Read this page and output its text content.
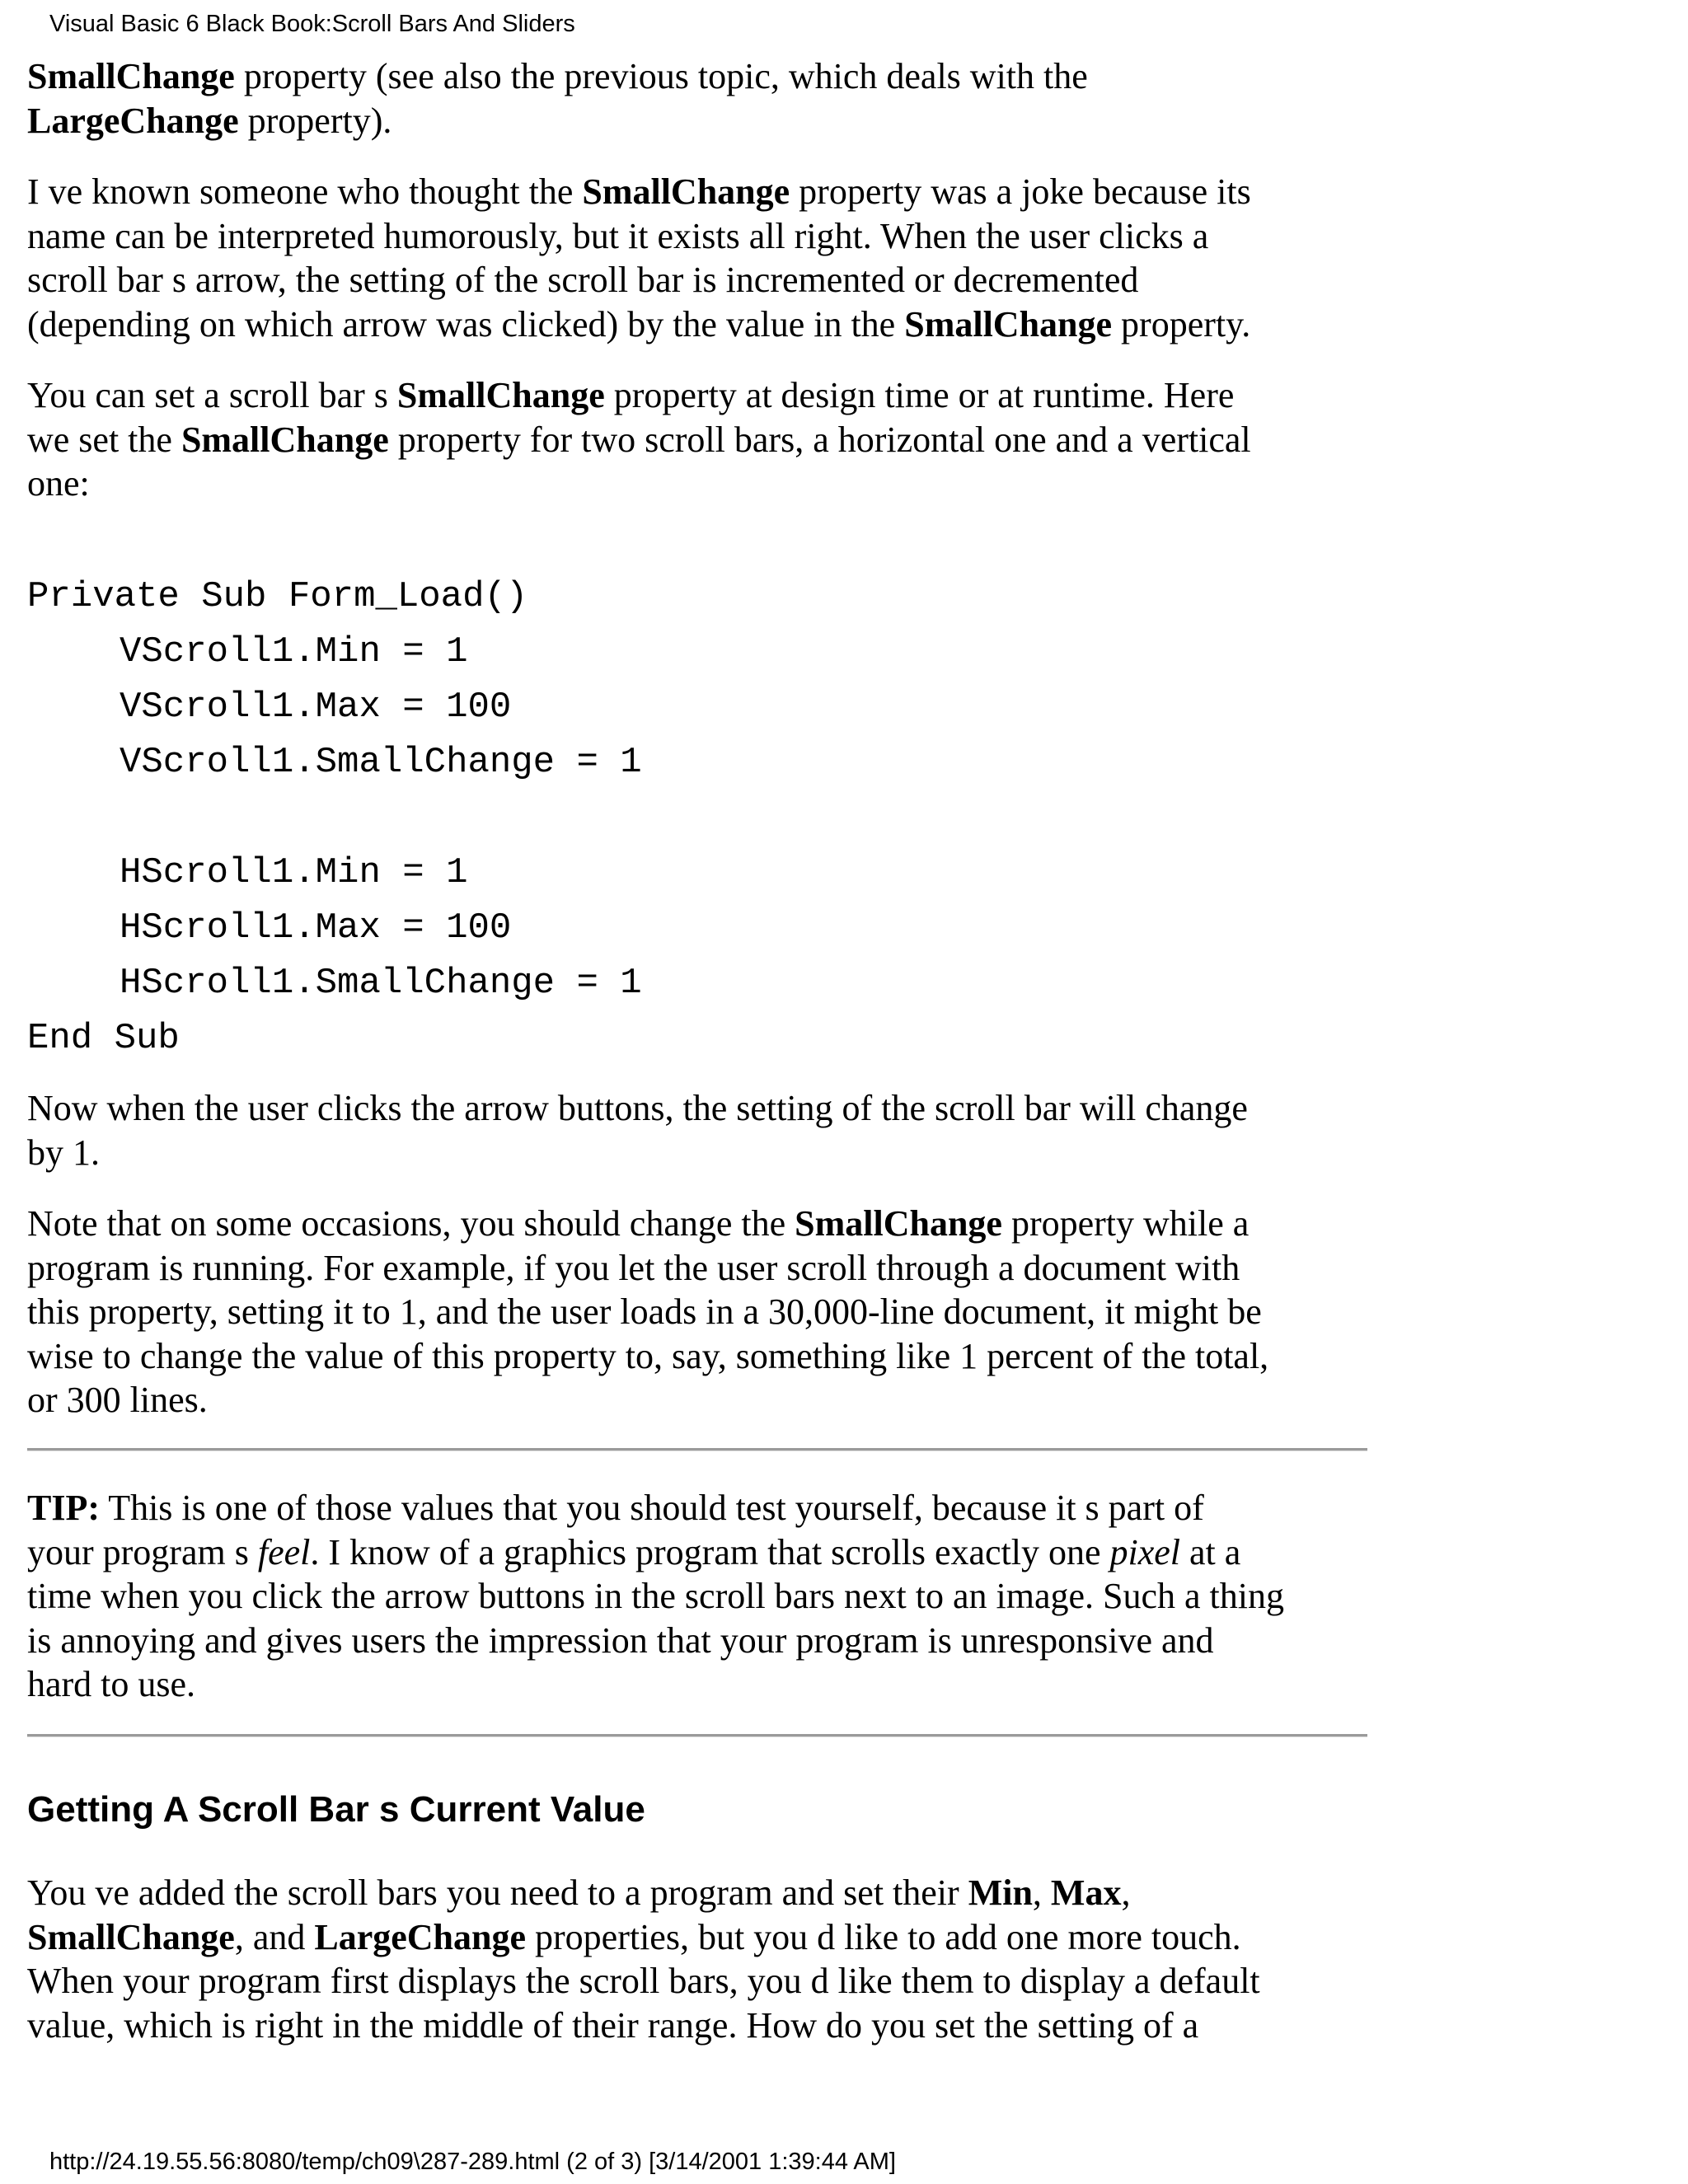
Visual Basic 6 Black Book:Scroll Bars And Sliders

SmallChange property (see also the previous topic, which deals with the
LargeChange property).

I ve known someone who thought the SmallChange property was a joke because its
name can be interpreted humorously, but it exists all right. When the user clicks a
scroll bar s arrow, the setting of the scroll bar is incremented or decremented
(depending on which arrow was clicked) by the value in the SmallChange property.

You can set a scroll bar s SmallChange property at design time or at runtime. Here
we set the SmallChange property for two scroll bars, a horizontal one and a vertical
one:

Private Sub Form_Load()
VScroll1.Min = 1
VScroll1.Max = 100
VScroll1.SmallChange = 1
HScroll1.Min = 1
HScroll1.Max = 100
HScroll1.SmallChange = 1
End Sub

Now when the user clicks the arrow buttons, the setting of the scroll bar will change
by 1.

Note that on some occasions, you should change the SmallChange property while a
program is running. For example, if you let the user scroll through a document with
this property, setting it to 1, and the user loads in a 30,000-line document, it might be
wise to change the value of this property to, say, something like 1 percent of the total,
or 300 lines.

TIP: This is one of those values that you should test yourself, because it s part of
your program s feel. I know of a graphics program that scrolls exactly one pixel at a
time when you click the arrow buttons in the scroll bars next to an image. Such a thing
is annoying and gives users the impression that your program is unresponsive and
hard to use.

Getting A Scroll Bar s Current Value

You ve added the scroll bars you need to a program and set their Min, Max,
SmallChange, and LargeChange properties, but you d like to add one more touch.
When your program first displays the scroll bars, you d like them to display a default
value, which is right in the middle of their range. How do you set the setting of a

http://24.19.55.56:8080/temp/ch09\287-289.html (2 of 3) [3/14/2001 1:39:44 AM]
